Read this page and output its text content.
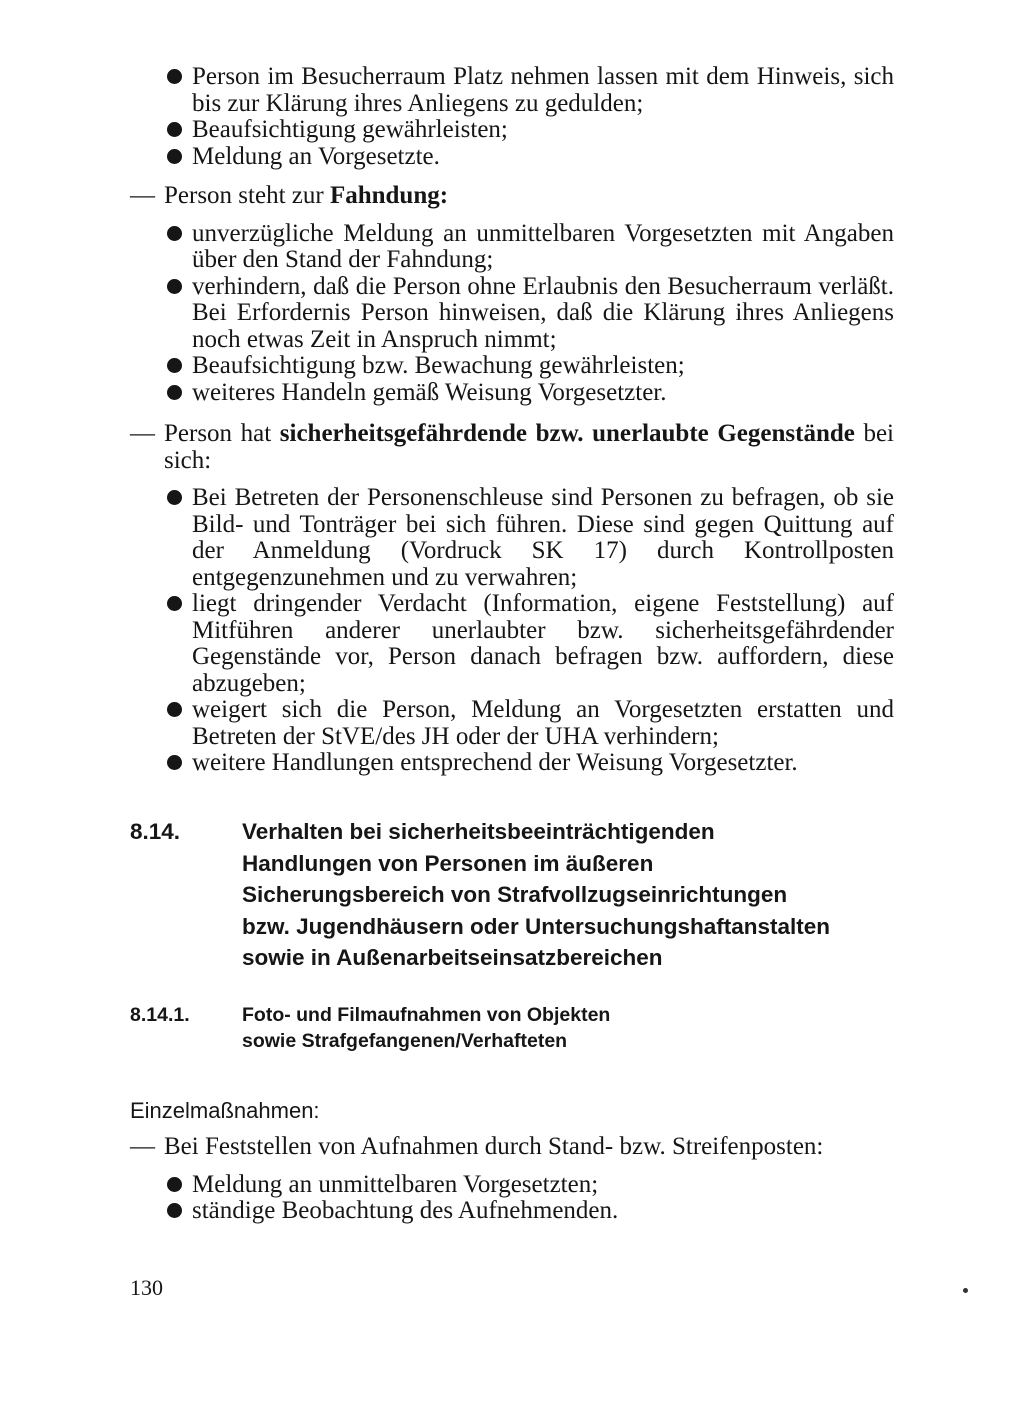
Person im Besucherraum Platz nehmen lassen mit dem Hinweis, sich bis zur Klärung ihres Anliegens zu gedulden;
Beaufsichtigung gewährleisten;
Meldung an Vorgesetzte.
— Person steht zur Fahndung:
unverzügliche Meldung an unmittelbaren Vorgesetzten mit Angaben über den Stand der Fahndung;
verhindern, daß die Person ohne Erlaubnis den Besucherraum verläßt. Bei Erfordernis Person hinweisen, daß die Klärung ihres Anliegens noch etwas Zeit in Anspruch nimmt;
Beaufsichtigung bzw. Bewachung gewährleisten;
weiteres Handeln gemäß Weisung Vorgesetzter.
— Person hat sicherheitsgefährdende bzw. unerlaubte Gegenstände bei sich:
Bei Betreten der Personenschleuse sind Personen zu befragen, ob sie Bild- und Tonträger bei sich führen. Diese sind gegen Quittung auf der Anmeldung (Vordruck SK 17) durch Kontrollposten entgegenzunehmen und zu verwahren;
liegt dringender Verdacht (Information, eigene Feststellung) auf Mitführen anderer unerlaubter bzw. sicherheitsgefährdender Gegenstände vor, Person danach befragen bzw. auffordern, diese abzugeben;
weigert sich die Person, Meldung an Vorgesetzten erstatten und Betreten der StVE/des JH oder der UHA verhindern;
weitere Handlungen entsprechend der Weisung Vorgesetzter.
8.14.	Verhalten bei sicherheitsbeeinträchtigenden
Handlungen von Personen im äußeren
Sicherungsbereich von Strafvollzugseinrichtungen
bzw. Jugendhäusern oder Untersuchungshaftanstalten
sowie in Außenarbeitseinsatzbereichen
8.14.1.	Foto- und Filmaufnahmen von Objekten
sowie Strafgefangenen/Verhafteten
Einzelmaßnahmen:
— Bei Feststellen von Aufnahmen durch Stand- bzw. Streifenposten:
Meldung an unmittelbaren Vorgesetzten;
ständige Beobachtung des Aufnehmenden.
130
